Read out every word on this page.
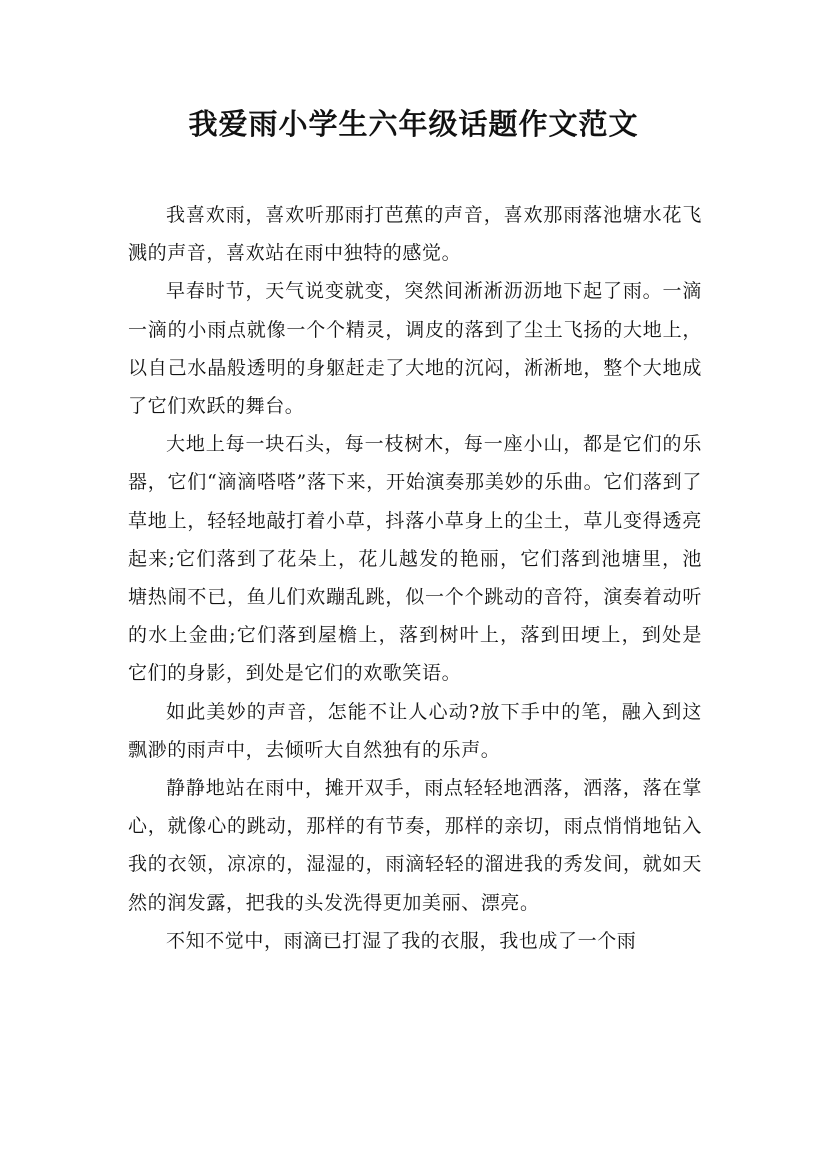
我爱雨小学生六年级话题作文范文

我喜欢雨，喜欢听那雨打芭蕉的声音，喜欢那雨落池塘水花飞溅的声音，喜欢站在雨中独特的感觉。

早春时节，天气说变就变，突然间淅淅沥沥地下起了雨。一滴一滴的小雨点就像一个个精灵，调皮的落到了尘土飞扬的大地上，以自己水晶般透明的身躯赶走了大地的沉闷，淅淅地，整个大地成了它们欢跃的舞台。

大地上每一块石头，每一枝树木，每一座小山，都是它们的乐器，它们“滴滴嗒嗒”落下来，开始演奏那美妙的乐曲。它们落到了草地上，轻轻地敲打着小草，抖落小草身上的尘土，草儿变得透亮起来;它们落到了花朵上，花儿越发的艳丽，它们落到池塘里，池塘热闹不已，鱼儿们欢蹦乱跳，似一个个跳动的音符，演奏着动听的水上金曲;它们落到屋檐上，落到树叶上，落到田埂上，到处是它们的身影，到处是它们的欢歌笑语。

如此美妙的声音，怎能不让人心动?放下手中的笔，融入到这飘渺的雨声中，去倾听大自然独有的乐声。

静静地站在雨中，摊开双手，雨点轻轻地洒落，洒落，落在掌心，就像心的跳动，那样的有节奏，那样的亲切，雨点悄悄地钻入我的衣领，凉凉的，湿湿的，雨滴轻轻的溜进我的秀发间，就如天然的润发露，把我的头发洗得更加美丽、漂亮。

不知不觉中，雨滴已打湿了我的衣服，我也成了一个雨
